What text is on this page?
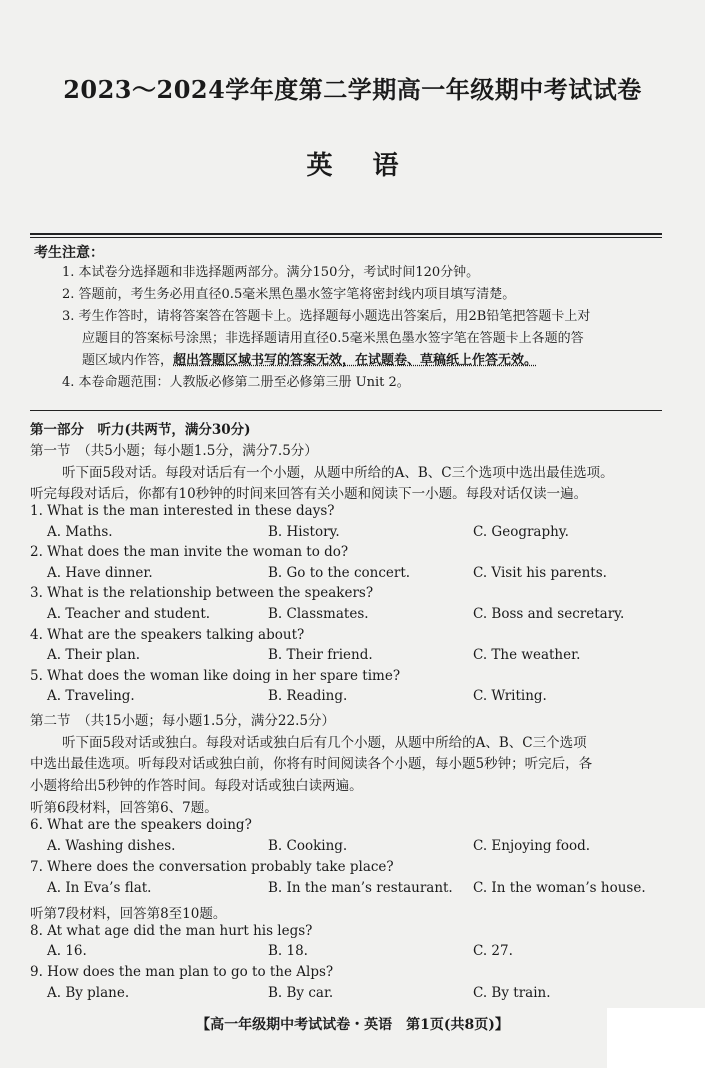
2023～2024学年度第二学期高一年级期中考试试卷
英语
考生注意：
1. 本试卷分选择题和非选择题两部分。满分150分，考试时间120分钟。
2. 答题前，考生务必用直径0.5毫米黑色墨水签字笔将密封线内项目填写清楚。
3. 考生作答时，请将答案答在答题卡上。选择题每小题选出答案后，用2B铅笔把答题卡上对
应题目的答案标号涂黑；非选择题请用直径0.5毫米黑色墨水签字笔在答题卡上各题的答
题区域内作答，超出答题区域书写的答案无效，在试题卷、草稿纸上作答无效。
4. 本卷命题范围：人教版必修第二册至必修第三册 Unit 2。
第一部分　听力(共两节，满分30分)
第一节　（共5小题；每小题1.5分，满分7.5分）
听下面5段对话。每段对话后有一个小题，从题中所给的A、B、C三个选项中选出最佳选项。
听完每段对话后，你都有10秒钟的时间来回答有关小题和阅读下一小题。每段对话仅读一遍。
1. What is the man interested in these days?
A. Maths.	B. History.	C. Geography.
2. What does the man invite the woman to do?
A. Have dinner.	B. Go to the concert.	C. Visit his parents.
3. What is the relationship between the speakers?
A. Teacher and student.	B. Classmates.	C. Boss and secretary.
4. What are the speakers talking about?
A. Their plan.	B. Their friend.	C. The weather.
5. What does the woman like doing in her spare time?
A. Traveling.	B. Reading.	C. Writing.
第二节　（共15小题；每小题1.5分，满分22.5分）
听下面5段对话或独白。每段对话或独白后有几个小题，从题中所给的A、B、C三个选项
中选出最佳选项。听每段对话或独白前，你将有时间阅读各个小题，每小题5秒钟；听完后，各
小题将给出5秒钟的作答时间。每段对话或独白读两遍。
听第6段材料，回答第6、7题。
6. What are the speakers doing?
A. Washing dishes.	B. Cooking.	C. Enjoying food.
7. Where does the conversation probably take place?
A. In Eva’s flat.	B. In the man’s restaurant. C. In the woman’s house.
听第7段材料，回答第8至10题。
8. At what age did the man hurt his legs?
A. 16.	B. 18.	C. 27.
9. How does the man plan to go to the Alps?
A. By plane.	B. By car.	C. By train.
【高一年级期中考试试卷・英语　第1页(共8页)】
